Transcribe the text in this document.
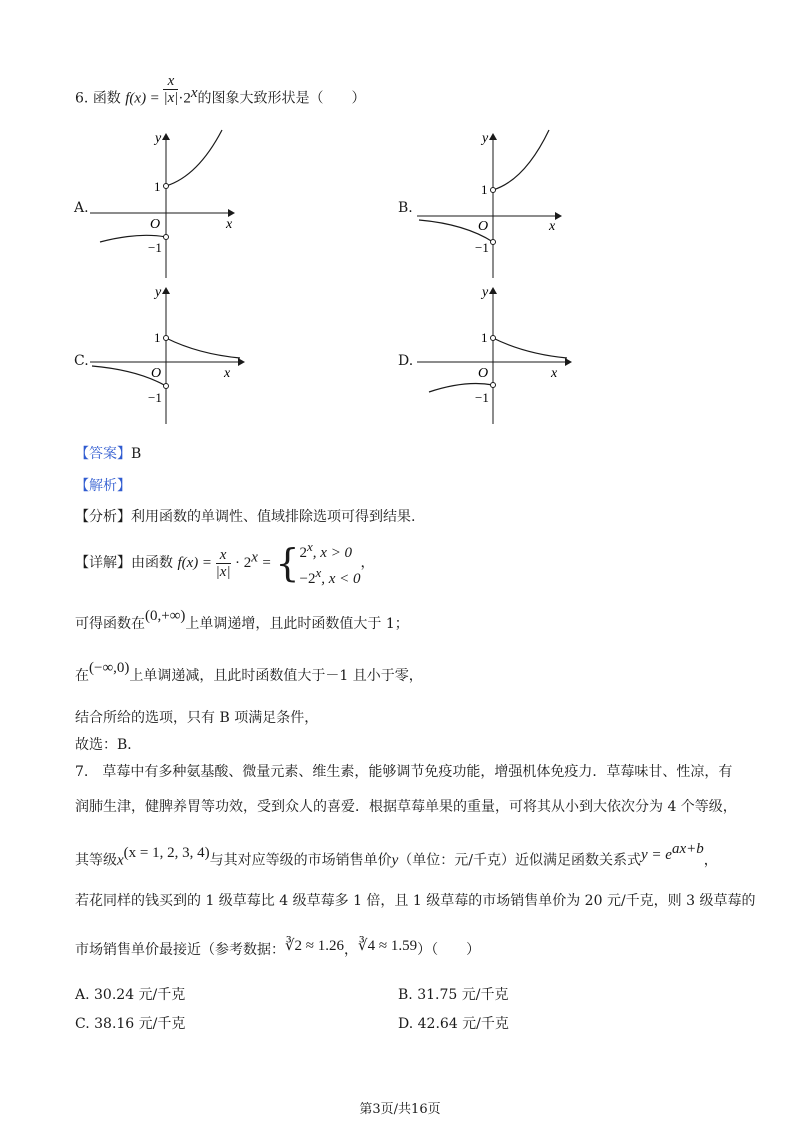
6. 函数 $f(x) = \frac{x}{|x|} \cdot 2^x$的图象大致形状是（　　）
A.
y
x
O
1
−1
B.
y
x
O
1
−1
C.
y
x
O
1
−1
D.
y
x
O
1
−1
【答案】B
【解析】
【分析】利用函数的单调性、值域排除选项可得到结果.
【详解】由函数 $f(x) = \frac{x}{|x|} \cdot 2^x$ = { 2$^x$, x > 0
$-2^x$, x < 0
，
可得函数在(0,+∞)上单调递增，且此时函数值大于 1；
在(−∞,0)上单调递减，且此时函数值大于－1 且小于零，
结合所给的选项，只有 B 项满足条件，
故选：B．
7.　草莓中有多种氨基酸、微量元素、维生素，能够调节免疫功能，增强机体免疫力．草莓味甘、性凉，有
润肺生津，健脾养胃等功效，受到众人的喜爱．根据草莓单果的重量，可将其从小到大依次分为 4 个等级，
其等级x(x = 1, 2, 3, 4)与其对应等级的市场销售单价y（单位：元/千克）近似满足函数关系式$y = e^{ax+b}$，
若花同样的钱买到的 1 级草莓比 4 级草莓多 1 倍，且 1 级草莓的市场销售单价为 20 元/千克，则 3 级草莓的
市场销售单价最接近（参考数据：∛2 ≈ 1.26，∛4 ≈ 1.59）（　　）
A. 30.24 元/千克	B. 31.75 元/千克
C. 38.16 元/千克	D. 42.64 元/千克
第3页/共16页
